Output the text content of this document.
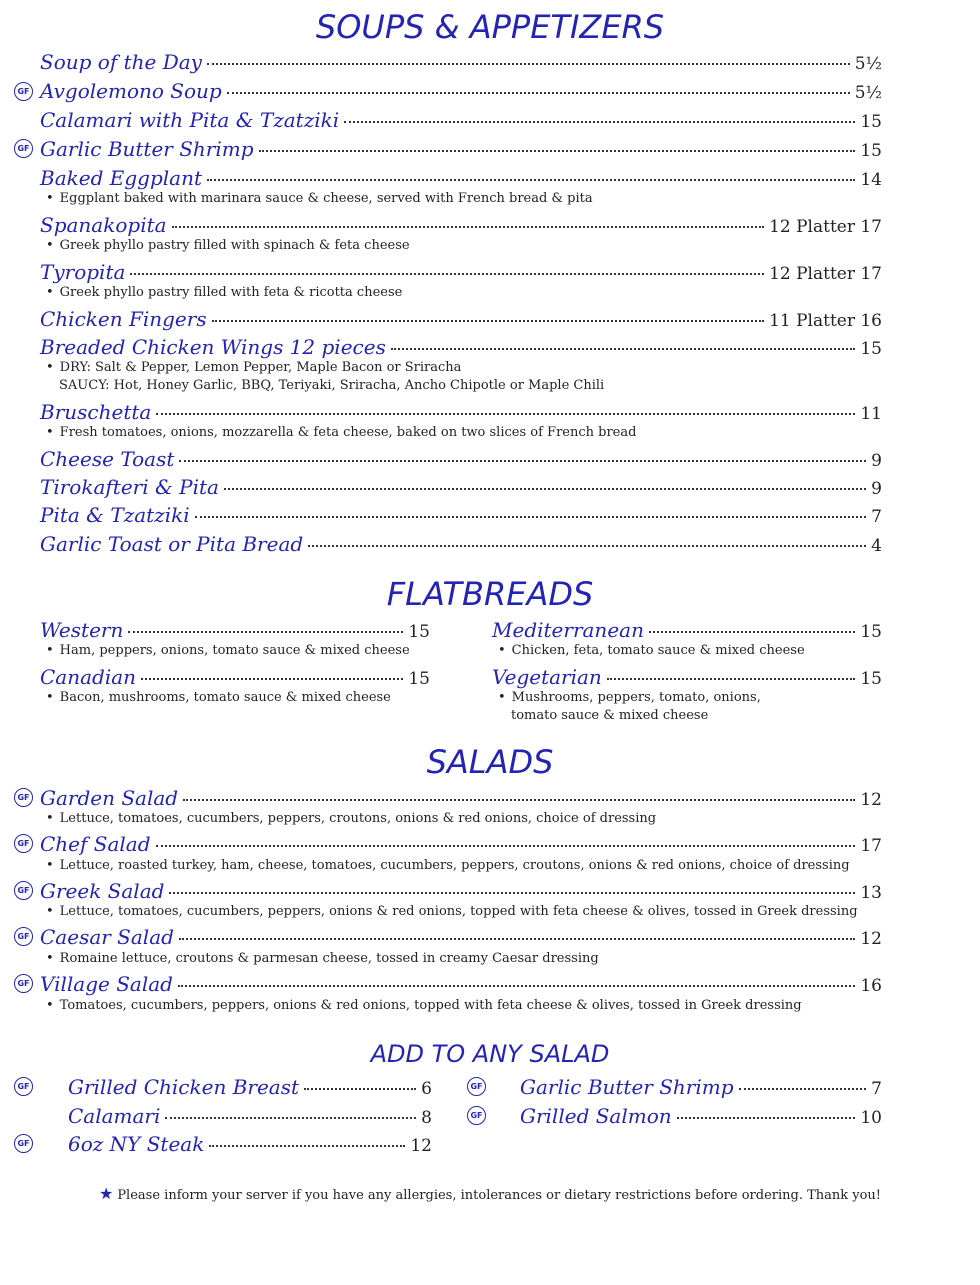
SOUPS & APPETIZERS
Soup of the Day	5½
GF Avgolemono Soup	5½
Calamari with Pita & Tzatziki	15
GF Garlic Butter Shrimp	15
Baked Eggplant	14
• Eggplant baked with marinara sauce & cheese, served with French bread & pita
Spanakopita	12 Platter 17
• Greek phyllo pastry filled with spinach & feta cheese
Tyropita	12 Platter 17
• Greek phyllo pastry filled with feta & ricotta cheese
Chicken Fingers	11 Platter 16
Breaded Chicken Wings 12 pieces	15
• DRY: Salt & Pepper, Lemon Pepper, Maple Bacon or Sriracha
SAUCY: Hot, Honey Garlic, BBQ, Teriyaki, Sriracha, Ancho Chipotle or Maple Chili
Bruschetta	11
• Fresh tomatoes, onions, mozzarella & feta cheese, baked on two slices of French bread
Cheese Toast	9
Tirokafteri & Pita	9
Pita & Tzatziki	7
Garlic Toast or Pita Bread	4
FLATBREADS
Western	15
• Ham, peppers, onions, tomato sauce & mixed cheese
Mediterranean	15
• Chicken, feta, tomato sauce & mixed cheese
Canadian	15
• Bacon, mushrooms, tomato sauce & mixed cheese
Vegetarian	15
• Mushrooms, peppers, tomato, onions,
tomato sauce & mixed cheese
SALADS
GF Garden Salad	12
• Lettuce, tomatoes, cucumbers, peppers, croutons, onions & red onions, choice of dressing
GF Chef Salad	17
• Lettuce, roasted turkey, ham, cheese, tomatoes, cucumbers, peppers, croutons, onions & red onions, choice of dressing
GF Greek Salad	13
• Lettuce, tomatoes, cucumbers, peppers, onions & red onions, topped with feta cheese & olives, tossed in Greek dressing
GF Caesar Salad	12
• Romaine lettuce, croutons & parmesan cheese, tossed in creamy Caesar dressing
GF Village Salad	16
• Tomatoes, cucumbers, peppers, onions & red onions, topped with feta cheese & olives, tossed in Greek dressing
ADD TO ANY SALAD
GF Grilled Chicken Breast	6
Calamari	8
GF 6oz NY Steak	12
GF Garlic Butter Shrimp	7
GF Grilled Salmon	10
★ Please inform your server if you have any allergies, intolerances or dietary restrictions before ordering. Thank you!
